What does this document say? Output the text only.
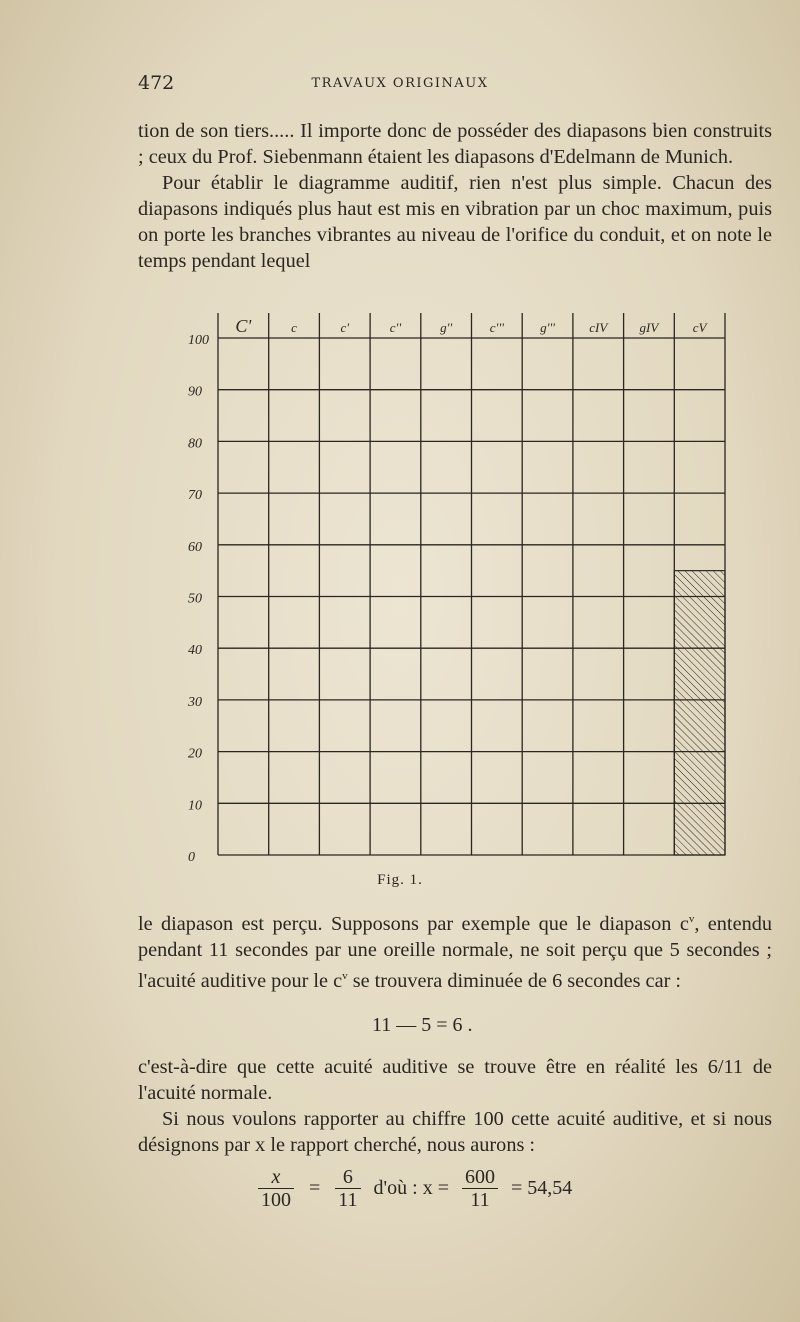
472	TRAVAUX ORIGINAUX

tion de son tiers..... Il importe donc de posséder des diapasons bien construits ; ceux du Prof. Siebenmann étaient les diapasons d'Edelmann de Munich.

Pour établir le diagramme auditif, rien n'est plus simple. Chacun des diapasons indiqués plus haut est mis en vibration par un choc maximum, puis on porte les branches vibrantes au niveau de l'orifice du conduit, et on note le temps pendant lequel

100
90
80
70
60
50
40
30
20
10
0
C'	c	c'	c''	g''	c'''	g'''	cIV gIV	cV
Fig. 1.

le diapason est perçu. Supposons par exemple que le diapason $c^v$, entendu pendant 11 secondes par une oreille normale, ne soit perçu que 5 secondes ; l'acuité auditive pour le $c^v$ se trouvera diminuée de 6 secondes car :

11 — 5 = 6 .

c'est-à-dire que cette acuité auditive se trouve être en réalité les 6/11 de l'acuité normale.

Si nous voulons rapporter au chiffre 100 cette acuité auditive, et si nous désignons par x le rapport cherché, nous aurons :

$\frac{x}{100} = \frac{6}{11}$ d'où : $x = \frac{600}{11} = 54,54$
